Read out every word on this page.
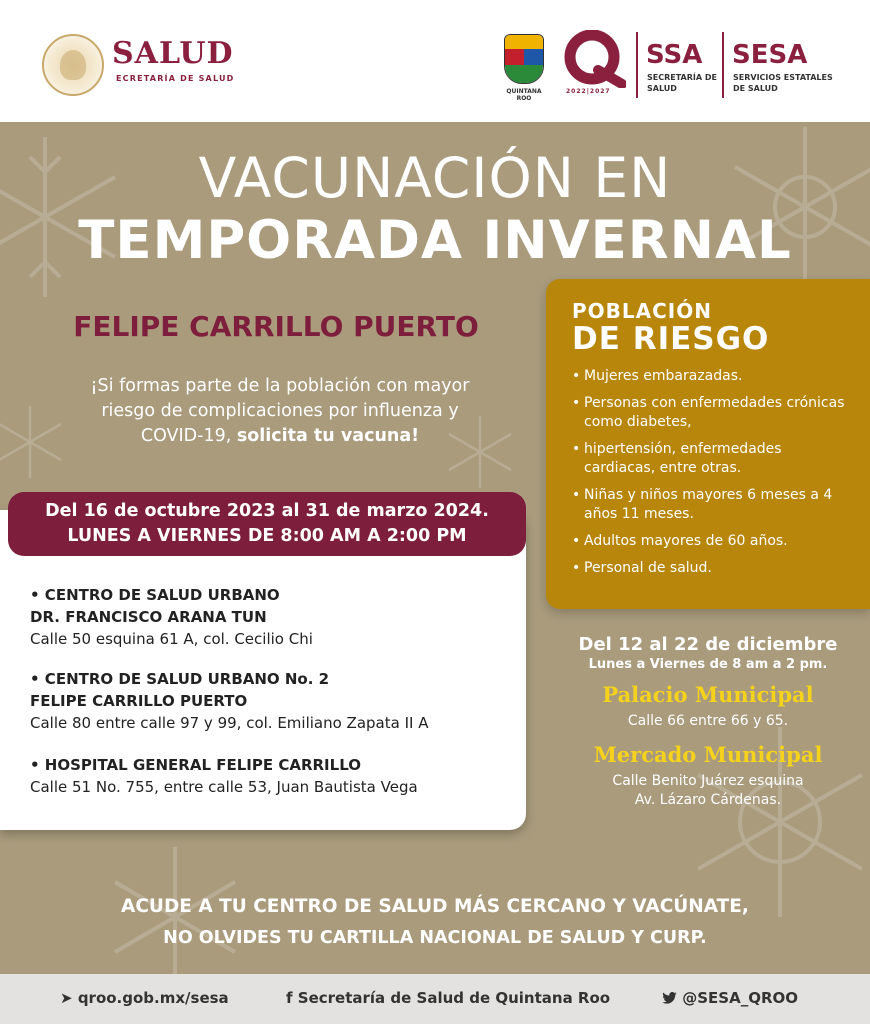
SALUD
ECRETARÍA DE SALUD
QUINTANA ROO
2022|2027
SSA
SECRETARÍA DE SALUD
SESA
SERVICIOS ESTATALES DE SALUD
VACUNACIÓN EN
TEMPORADA INVERNAL
FELIPE CARRILLO PUERTO
¡Si formas parte de la población con mayor
riesgo de complicaciones por influenza y
COVID-19, solicita tu vacuna!
Del 16 de octubre 2023 al 31 de marzo 2024.
LUNES A VIERNES DE 8:00 AM A 2:00 PM
• CENTRO DE SALUD URBANO
DR. FRANCISCO ARANA TUN
Calle 50 esquina 61 A, col. Cecilio Chi
• CENTRO DE SALUD URBANO No. 2
FELIPE CARRILLO PUERTO
Calle 80 entre calle 97 y 99, col. Emiliano Zapata II A
• HOSPITAL GENERAL FELIPE CARRILLO
Calle 51 No. 755, entre calle 53, Juan Bautista Vega
POBLACIÓN
DE RIESGO
• Mujeres embarazadas.
• Personas con enfermedades crónicas como diabetes,
• hipertensión, enfermedades cardiacas, entre otras.
• Niñas y niños mayores 6 meses a 4 años 11 meses.
• Adultos mayores de 60 años.
• Personal de salud.
Del 12 al 22 de diciembre
Lunes a Viernes de 8 am a 2 pm.
Palacio Municipal
Calle 66 entre 66 y 65.
Mercado Municipal
Calle Benito Juárez esquina
Av. Lázaro Cárdenas.
ACUDE A TU CENTRO DE SALUD MÁS CERCANO Y VACÚNATE,
NO OLVIDES TU CARTILLA NACIONAL DE SALUD Y CURP.
➤ qroo.gob.mx/sesa	f Secretaría de Salud de Quintana Roo	@SESA_QROO
